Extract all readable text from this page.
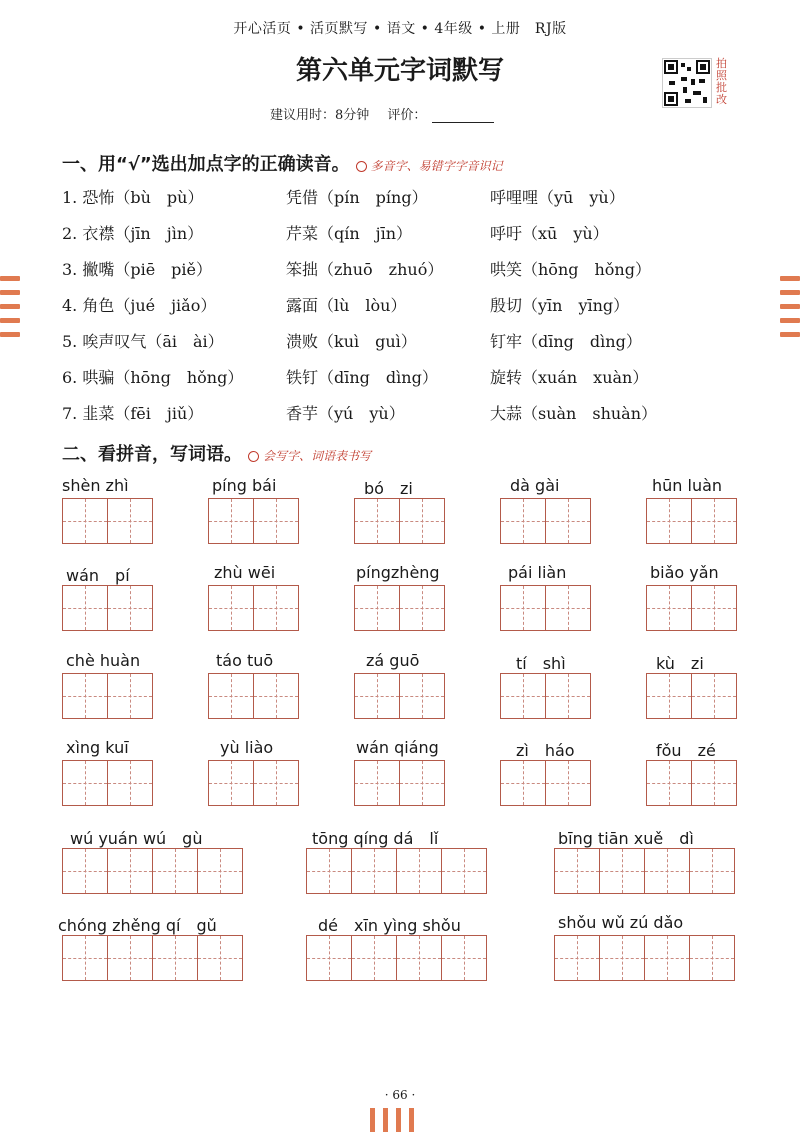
开心活页 • 活页默写 • 语文 • 4年级 • 上册　RJ版
第六单元字词默写
建议用时：8分钟 评价：
拍照批改
一、用“√”选出加点字的正确读音。 多音字、易错字字音识记
1. 恐怖（bù　pù）	凭借（pín　píng）	呼哩哩（yū　yù）
2. 衣襟（jīn　jìn）	芹菜（qín　jīn）	呼吁（xū　yù）
3. 撇嘴（piē　piě）	笨拙（zhuō　zhuó）	哄笑（hōng　hǒng）
4. 角色（jué　jiǎo）	露面（lù　lòu）	殷切（yīn　yīng）
5. 唉声叹气（āi　ài）	溃败（kuì　guì）	钉牢（dīng　dìng）
6. 哄骗（hōng　hǒng）	铁钉（dīng　dìng）	旋转（xuán　xuàn）
7. 韭菜（fēi　jiǔ）	香芋（yú　yù）	大蒜（suàn　shuàn）
二、看拼音，写词语。 会写字、词语表书写
shèn zhì	píng bái	bó　zi	dà gài	hūn luàn
wán　pí	zhù wēi	píngzhèng	pái liàn	biǎo yǎn
chè huàn	táo tuō	zá guō	tí　shì	kù　zi
xìng kuī	yù liào	wán qiáng	zì　háo	fǒu　zé
wú yuán wú　gù	tōng qíng dá　lǐ	bīng tiān xuě　dì
chóng zhěng qí　gǔ	dé　xīn yìng shǒu	shǒu wǔ zú dǎo
· 66 ·
